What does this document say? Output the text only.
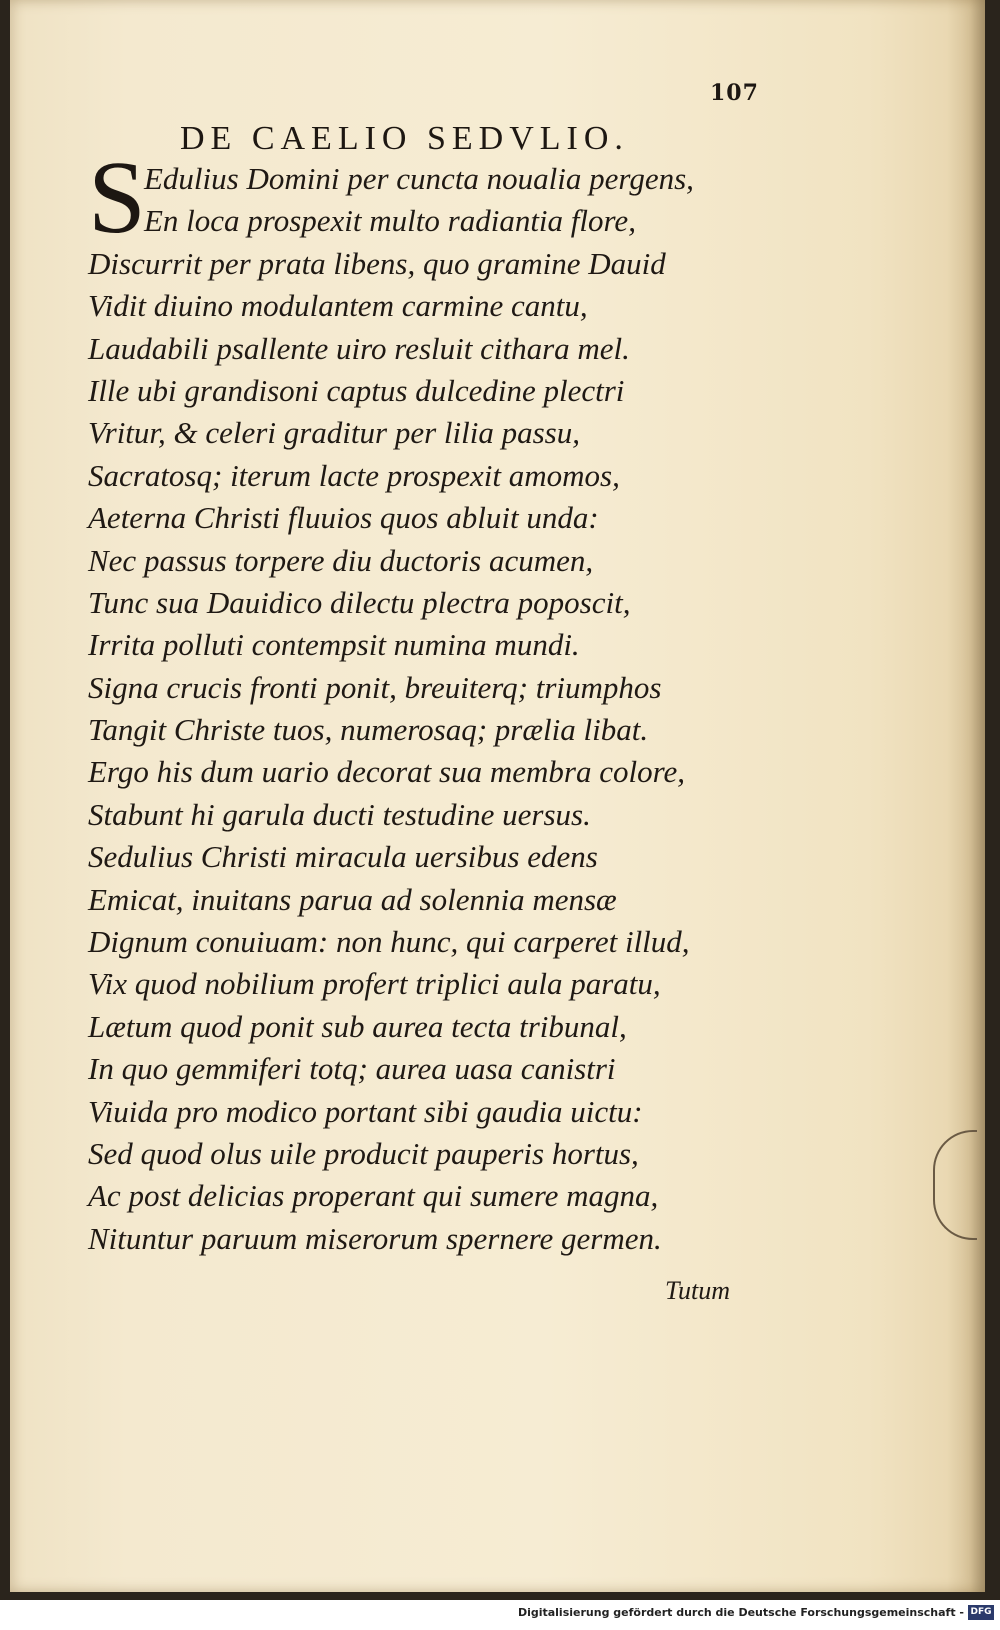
107
DE CAELIO SEDVLIO.
S
Edulius Domini per cuncta noualia pergens,
En loca prospexit multo radiantia flore,
Discurrit per prata libens, quo gramine Dauid
Vidit diuino modulantem carmine cantu,
Laudabili psallente uiro resluit cithara mel.
Ille ubi grandisoni captus dulcedine plectri
Vritur, & celeri graditur per lilia passu,
Sacratosq; iterum lacte prospexit amomos,
Aeterna Christi fluuios quos abluit unda:
Nec passus torpere diu ductoris acumen,
Tunc sua Dauidico dilectu plectra poposcit,
Irrita polluti contempsit numina mundi.
Signa crucis fronti ponit, breuiterq; triumphos
Tangit Christe tuos, numerosaq; prælia libat.
Ergo his dum uario decorat sua membra colore,
Stabunt hi garula ducti testudine uersus.
Sedulius Christi miracula uersibus edens
Emicat, inuitans parua ad solennia mensæ
Dignum conuiuam: non hunc, qui carperet illud,
Vix quod nobilium profert triplici aula paratu,
Lætum quod ponit sub aurea tecta tribunal,
In quo gemmiferi totq; aurea uasa canistri
Viuida pro modico portant sibi gaudia uictu:
Sed quod olus uile producit pauperis hortus,
Ac post delicias properant qui sumere magna,
Nituntur paruum miserorum spernere germen.
Tutum
Digitalisierung gefördert durch die Deutsche Forschungsgemeinschaft - DFG
